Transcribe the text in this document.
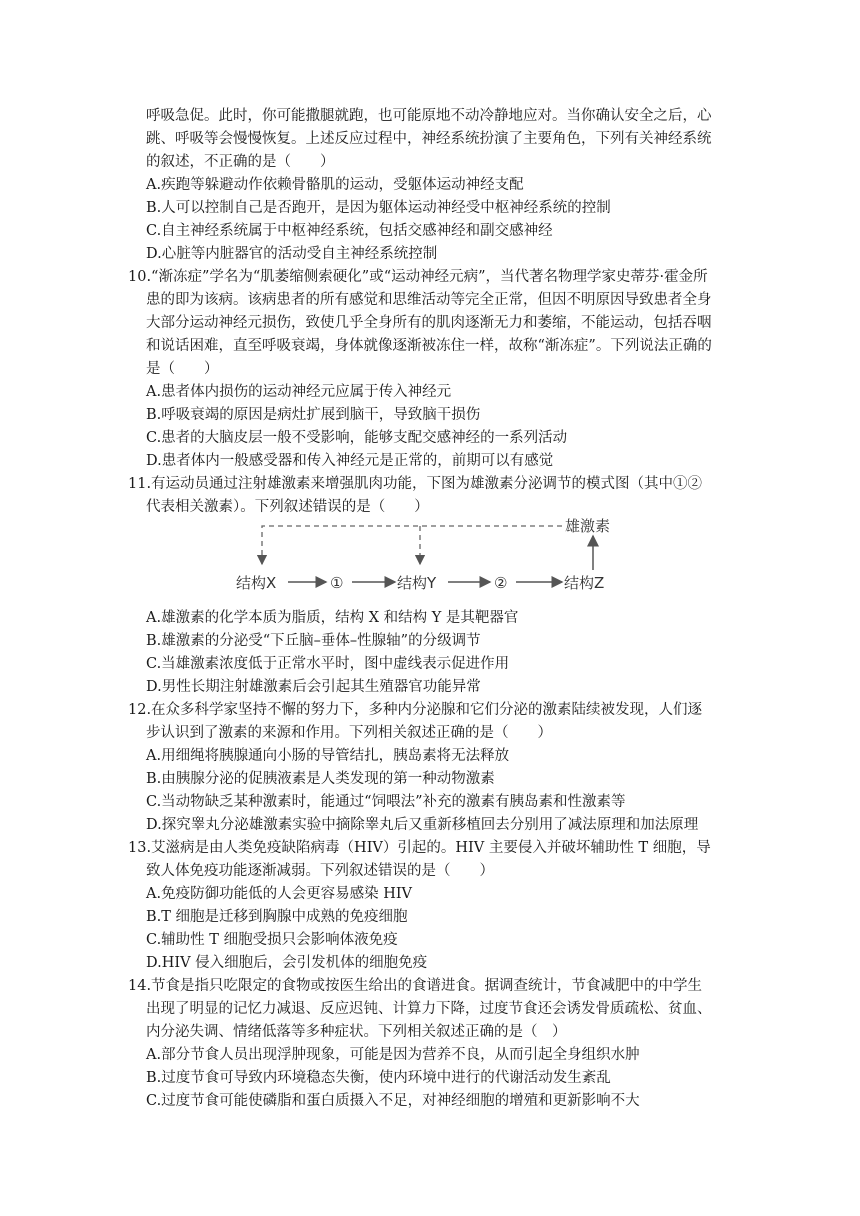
呼吸急促。此时，你可能撒腿就跑，也可能原地不动冷静地应对。当你确认安全之后，心
跳、呼吸等会慢慢恢复。上述反应过程中，神经系统扮演了主要角色，下列有关神经系统
的叙述，不正确的是（　　）
A.疾跑等躲避动作依赖骨骼肌的运动，受躯体运动神经支配
B.人可以控制自己是否跑开，是因为躯体运动神经受中枢神经系统的控制
C.自主神经系统属于中枢神经系统，包括交感神经和副交感神经
D.心脏等内脏器官的活动受自主神经系统控制
10.“渐冻症”学名为“肌萎缩侧索硬化”或“运动神经元病”，当代著名物理学家史蒂芬·霍金所
患的即为该病。该病患者的所有感觉和思维活动等完全正常，但因不明原因导致患者全身
大部分运动神经元损伤，致使几乎全身所有的肌肉逐渐无力和萎缩，不能运动，包括吞咽
和说话困难，直至呼吸衰竭，身体就像逐渐被冻住一样，故称“渐冻症”。下列说法正确的
是（　　）
A.患者体内损伤的运动神经元应属于传入神经元
B.呼吸衰竭的原因是病灶扩展到脑干，导致脑干损伤
C.患者的大脑皮层一般不受影响，能够支配交感神经的一系列活动
D.患者体内一般感受器和传入神经元是正常的，前期可以有感觉
11.有运动员通过注射雄激素来增强肌肉功能，下图为雄激素分泌调节的模式图（其中①②
代表相关激素）。下列叙述错误的是（　　）
结构X	①	结构Y	②	结构Z
雄激素
A.雄激素的化学本质为脂质，结构 X 和结构 Y 是其靶器官
B.雄激素的分泌受“下丘脑–垂体–性腺轴”的分级调节
C.当雄激素浓度低于正常水平时，图中虚线表示促进作用
D.男性长期注射雄激素后会引起其生殖器官功能异常
12.在众多科学家坚持不懈的努力下，多种内分泌腺和它们分泌的激素陆续被发现，人们逐
步认识到了激素的来源和作用。下列相关叙述正确的是（　　）
A.用细绳将胰腺通向小肠的导管结扎，胰岛素将无法释放
B.由胰腺分泌的促胰液素是人类发现的第一种动物激素
C.当动物缺乏某种激素时，能通过“饲喂法”补充的激素有胰岛素和性激素等
D.探究睾丸分泌雄激素实验中摘除睾丸后又重新移植回去分别用了减法原理和加法原理
13.艾滋病是由人类免疫缺陷病毒（HIV）引起的。HIV 主要侵入并破坏辅助性 T 细胞，导
致人体免疫功能逐渐减弱。下列叙述错误的是（　　）
A.免疫防御功能低的人会更容易感染 HIV
B.T 细胞是迁移到胸腺中成熟的免疫细胞
C.辅助性 T 细胞受损只会影响体液免疫
D.HIV 侵入细胞后，会引发机体的细胞免疫
14.节食是指只吃限定的食物或按医生给出的食谱进食。据调查统计，节食减肥中的中学生
出现了明显的记忆力减退、反应迟钝、计算力下降，过度节食还会诱发骨质疏松、贫血、
内分泌失调、情绪低落等多种症状。下列相关叙述正确的是（　）
A.部分节食人员出现浮肿现象，可能是因为营养不良，从而引起全身组织水肿
B.过度节食可导致内环境稳态失衡，使内环境中进行的代谢活动发生紊乱
C.过度节食可能使磷脂和蛋白质摄入不足，对神经细胞的增殖和更新影响不大
